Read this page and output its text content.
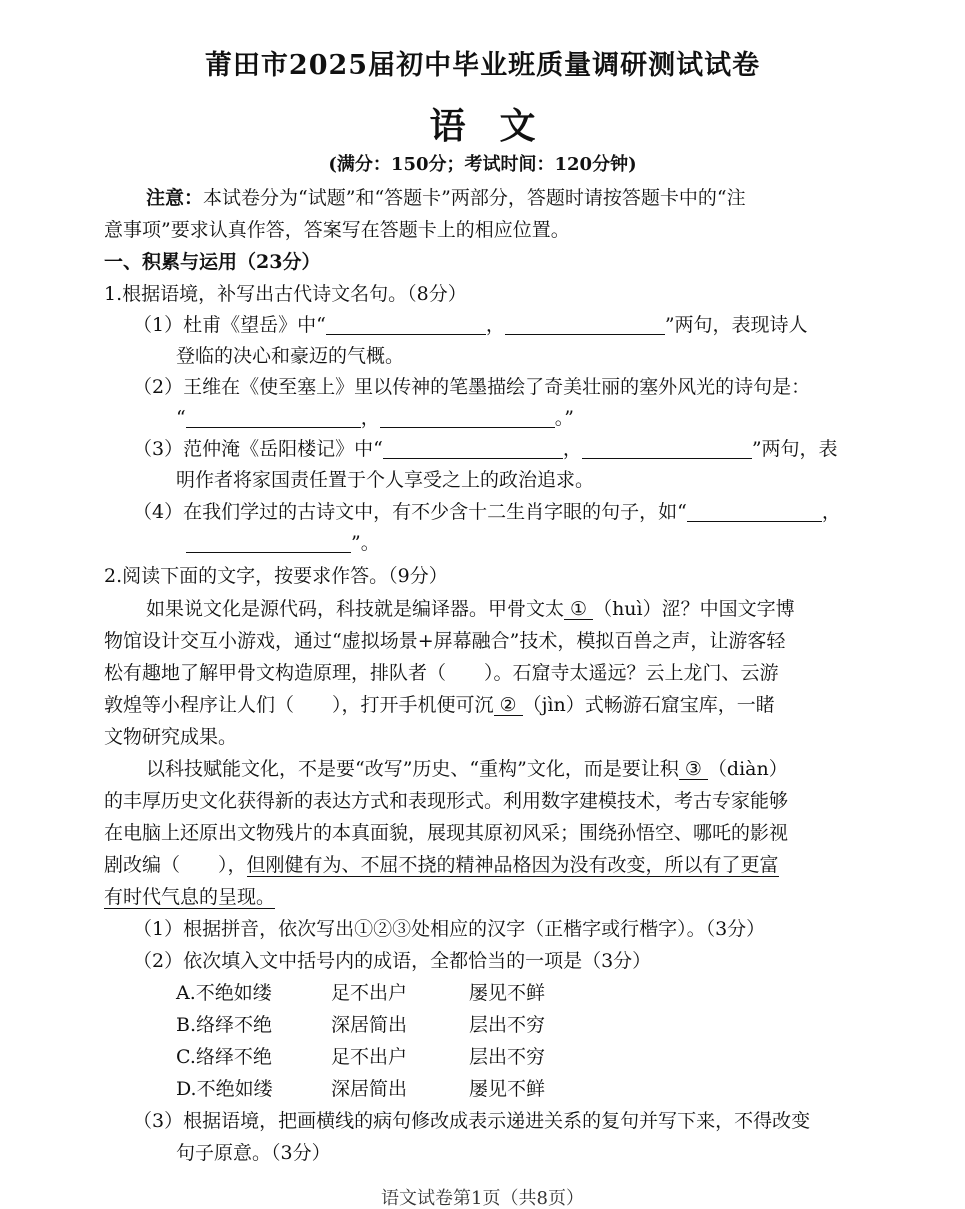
莆田市2025届初中毕业班质量调研测试试卷
语文
(满分：150分；考试时间：120分钟)
注意：本试卷分为“试题”和“答题卡”两部分，答题时请按答题卡中的“注
意事项”要求认真作答，答案写在答题卡上的相应位置。
一、积累与运用（23分）
1.根据语境，补写出古代诗文名句。（8分）
（1）杜甫《望岳》中“	，	”两句，表现诗人
登临的决心和豪迈的气概。
（2）王维在《使至塞上》里以传神的笔墨描绘了奇美壮丽的塞外风光的诗句是：
“	，	。”
（3）范仲淹《岳阳楼记》中“	，	”两句，表
明作者将家国责任置于个人享受之上的政治追求。
（4）在我们学过的古诗文中，有不少含十二生肖字眼的句子，如“	，
”。
2.阅读下面的文字，按要求作答。（9分）
如果说文化是源代码，科技就是编译器。甲骨文太 ① （huì）涩？中国文字博
物馆设计交互小游戏，通过“虚拟场景+屏幕融合”技术，模拟百兽之声，让游客轻
松有趣地了解甲骨文构造原理，排队者（　　）。石窟寺太遥远？云上龙门、云游
敦煌等小程序让人们（　　），打开手机便可沉 ② （jìn）式畅游石窟宝库，一睹
文物研究成果。
以科技赋能文化，不是要“改写”历史、“重构”文化，而是要让积 ③ （diàn）
的丰厚历史文化获得新的表达方式和表现形式。利用数字建模技术，考古专家能够
在电脑上还原出文物残片的本真面貌，展现其原初风采；围绕孙悟空、哪吒的影视
剧改编（　　），但刚健有为、不屈不挠的精神品格因为没有改变，所以有了更富
有时代气息的呈现。
（1）根据拼音，依次写出①②③处相应的汉字（正楷字或行楷字）。（3分）
（2）依次填入文中括号内的成语，全都恰当的一项是（3分）
A.不绝如缕	足不出户	屡见不鲜
B.络绎不绝	深居简出	层出不穷
C.络绎不绝	足不出户	层出不穷
D.不绝如缕	深居简出	屡见不鲜
（3）根据语境，把画横线的病句修改成表示递进关系的复句并写下来，不得改变
句子原意。（3分）
语文试卷第1页（共8页）
